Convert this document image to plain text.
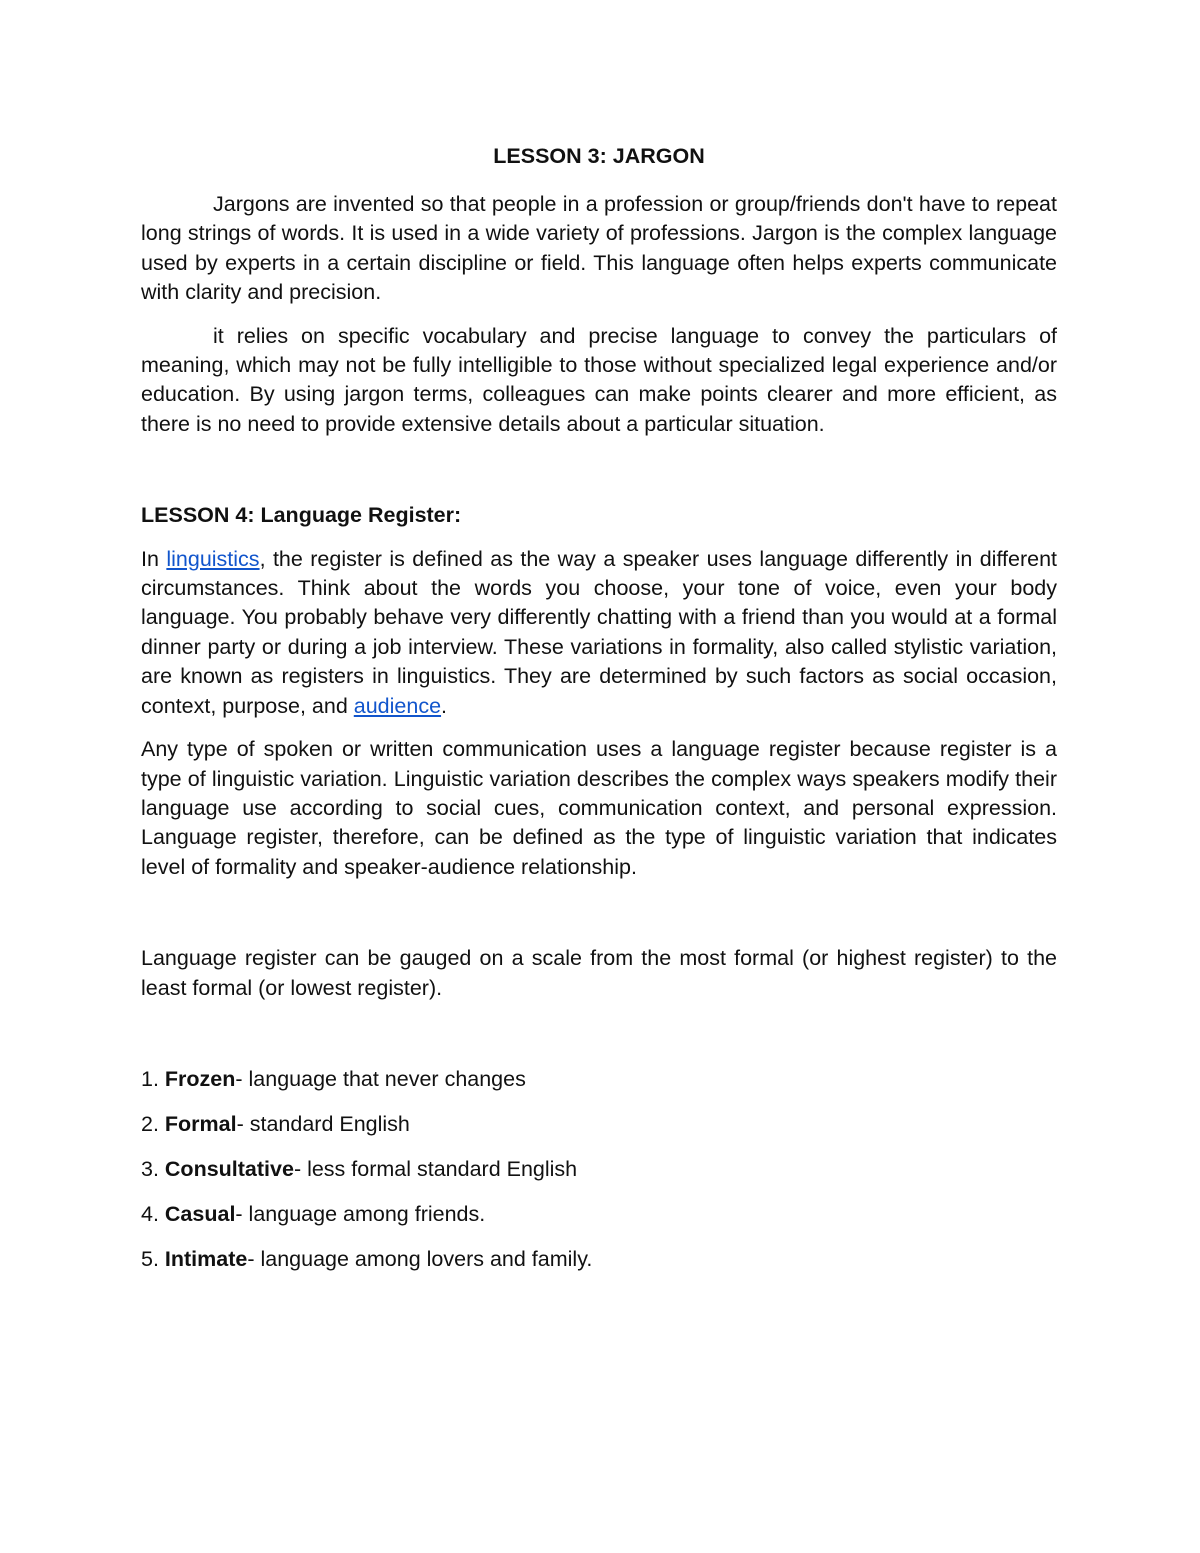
LESSON 3: JARGON

Jargons are invented so that people in a profession or group/friends don't have to repeat long strings of words. It is used in a wide variety of professions. Jargon is the complex language used by experts in a certain discipline or field. This language often helps experts communicate with clarity and precision.

it relies on specific vocabulary and precise language to convey the particulars of meaning, which may not be fully intelligible to those without specialized legal experience and/or education. By using jargon terms, colleagues can make points clearer and more efficient, as there is no need to provide extensive details about a particular situation.

LESSON 4: Language Register:

In linguistics, the register is defined as the way a speaker uses language differently in different circumstances. Think about the words you choose, your tone of voice, even your body language. You probably behave very differently chatting with a friend than you would at a formal dinner party or during a job interview. These variations in formality, also called stylistic variation, are known as registers in linguistics. They are determined by such factors as social occasion, context, purpose, and audience.

Any type of spoken or written communication uses a language register because register is a type of linguistic variation. Linguistic variation describes the complex ways speakers modify their language use according to social cues, communication context, and personal expression. Language register, therefore, can be defined as the type of linguistic variation that indicates level of formality and speaker-audience relationship.

Language register can be gauged on a scale from the most formal (or highest register) to the least formal (or lowest register).

1. Frozen- language that never changes
2. Formal- standard English
3. Consultative- less formal standard English
4. Casual- language among friends.
5. Intimate- language among lovers and family.
